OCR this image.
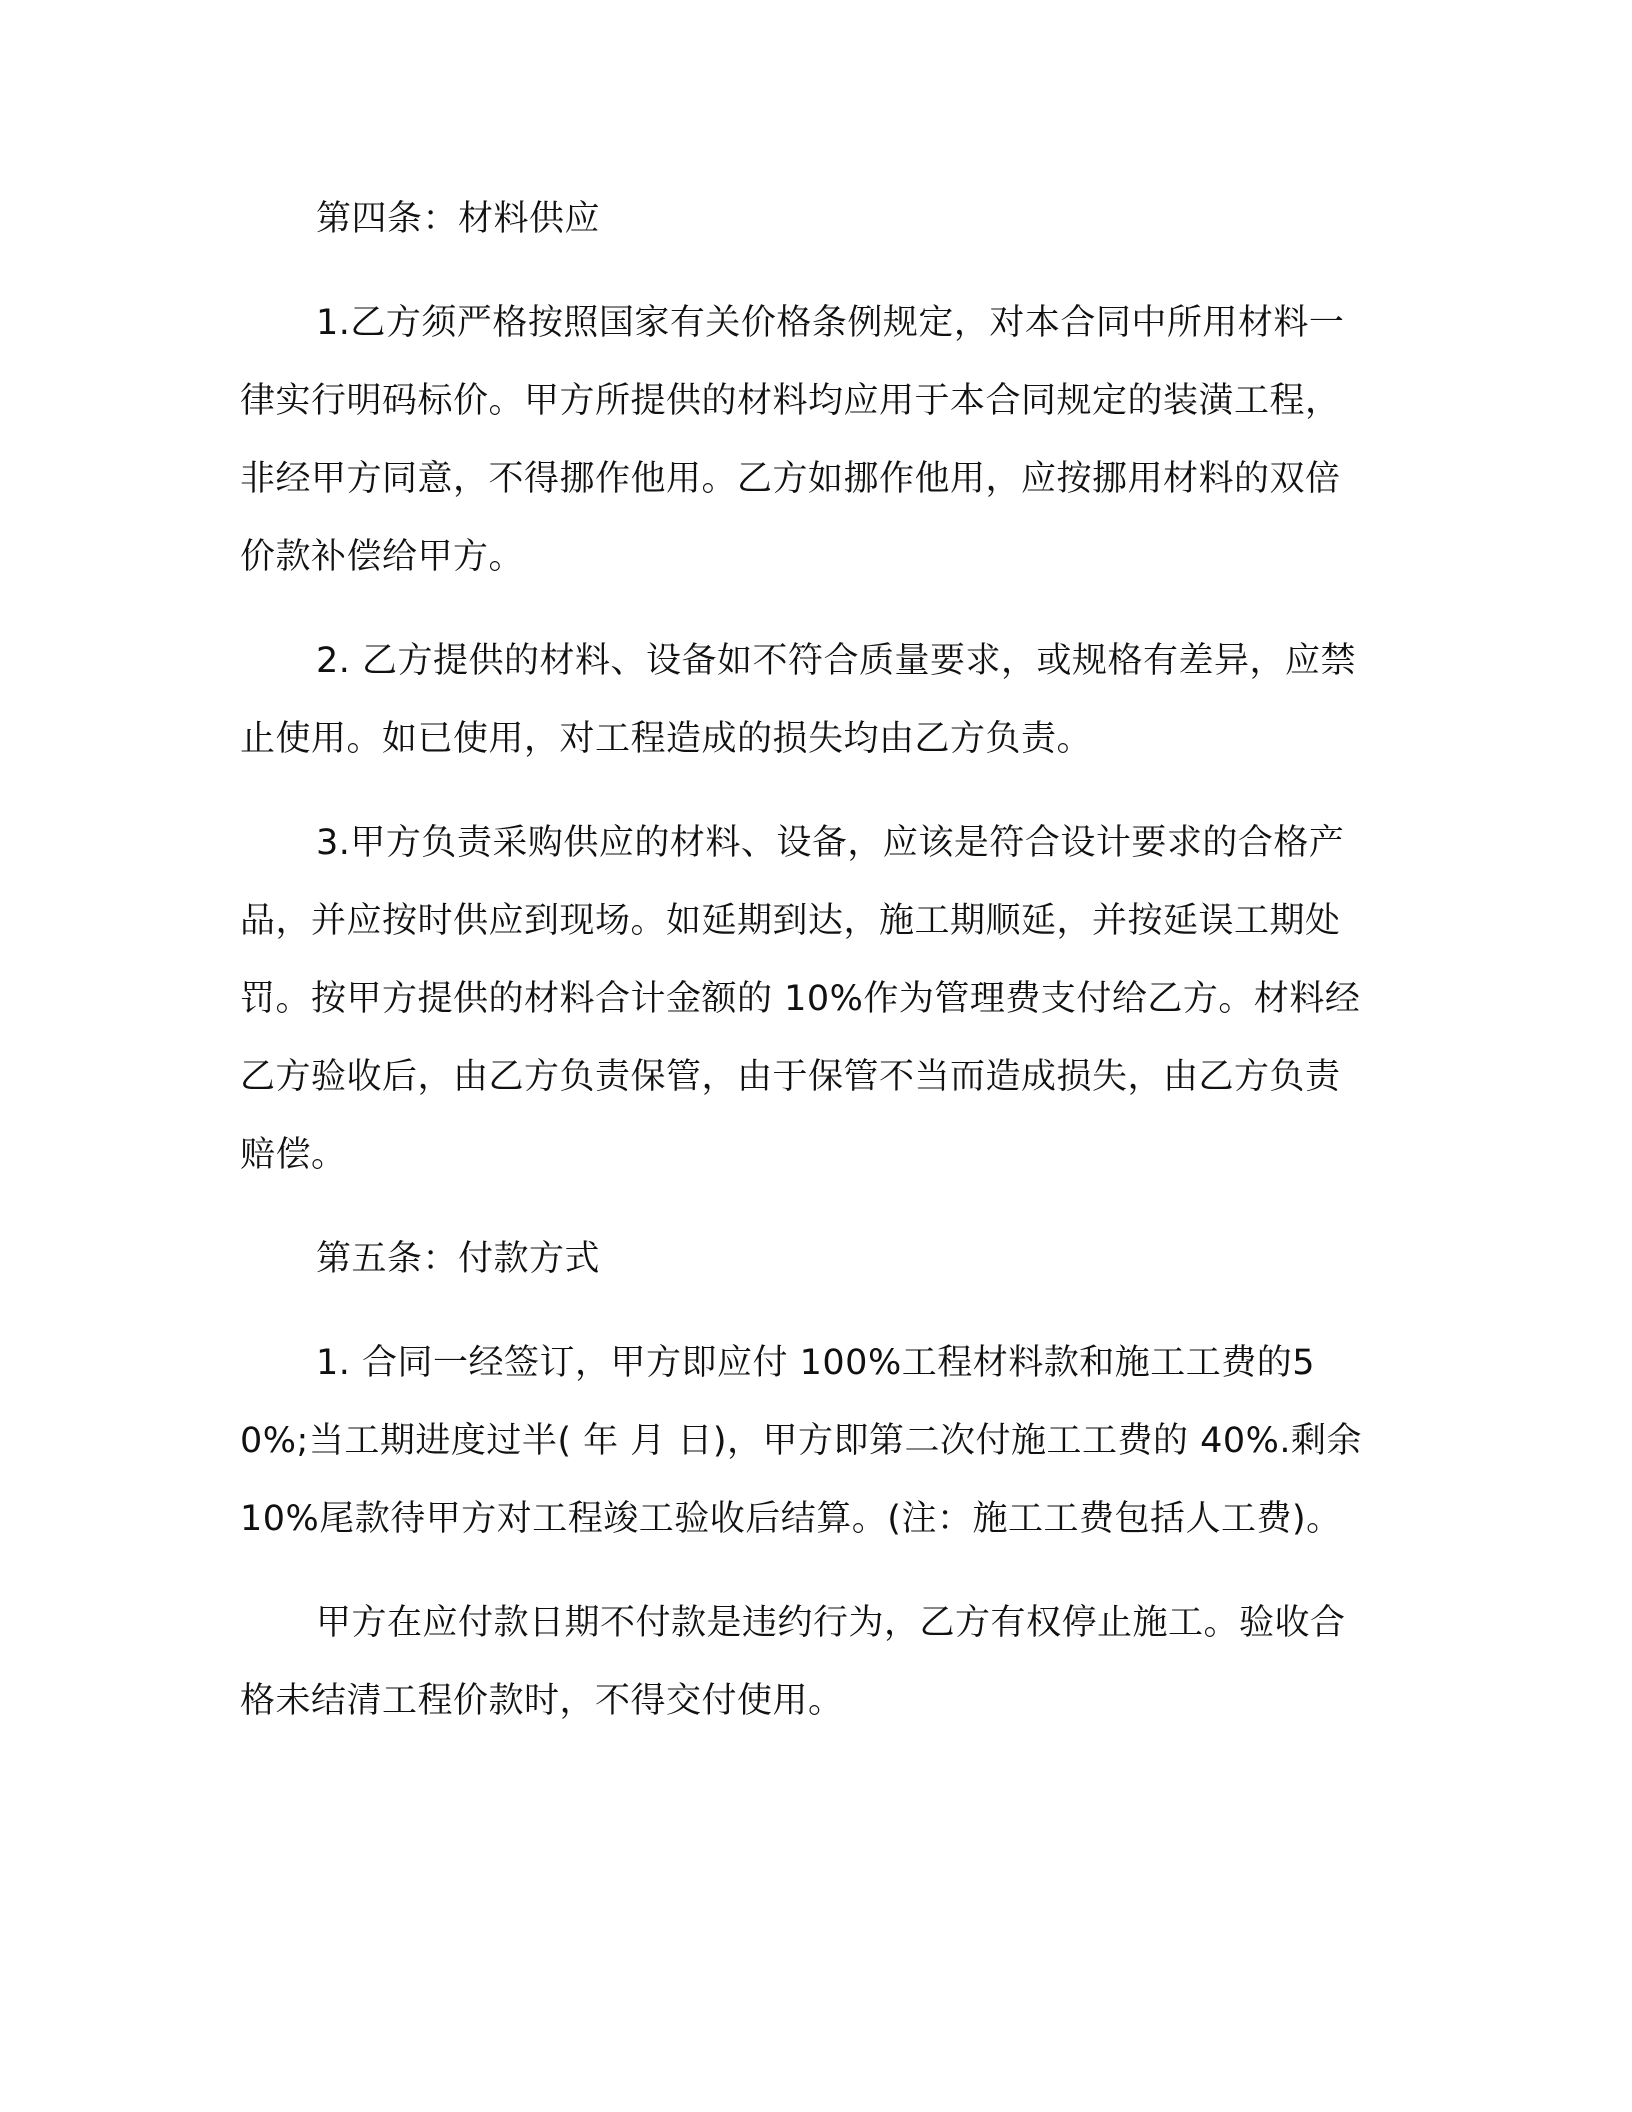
第四条：材料供应

1.乙方须严格按照国家有关价格条例规定，对本合同中所用材料一律实行明码标价。甲方所提供的材料均应用于本合同规定的装潢工程，非经甲方同意，不得挪作他用。乙方如挪作他用，应按挪用材料的双倍价款补偿给甲方。

2. 乙方提供的材料、设备如不符合质量要求，或规格有差异，应禁止使用。如已使用，对工程造成的损失均由乙方负责。

3.甲方负责采购供应的材料、设备，应该是符合设计要求的合格产品，并应按时供应到现场。如延期到达，施工期顺延，并按延误工期处罚。按甲方提供的材料合计金额的 10%作为管理费支付给乙方。材料经乙方验收后，由乙方负责保管，由于保管不当而造成损失，由乙方负责赔偿。

第五条：付款方式

1. 合同一经签订，甲方即应付 100%工程材料款和施工工费的50%;当工期进度过半( 年 月 日)，甲方即第二次付施工工费的 40%.剩余 10%尾款待甲方对工程竣工验收后结算。(注：施工工费包括人工费)。

甲方在应付款日期不付款是违约行为，乙方有权停止施工。验收合格未结清工程价款时，不得交付使用。
